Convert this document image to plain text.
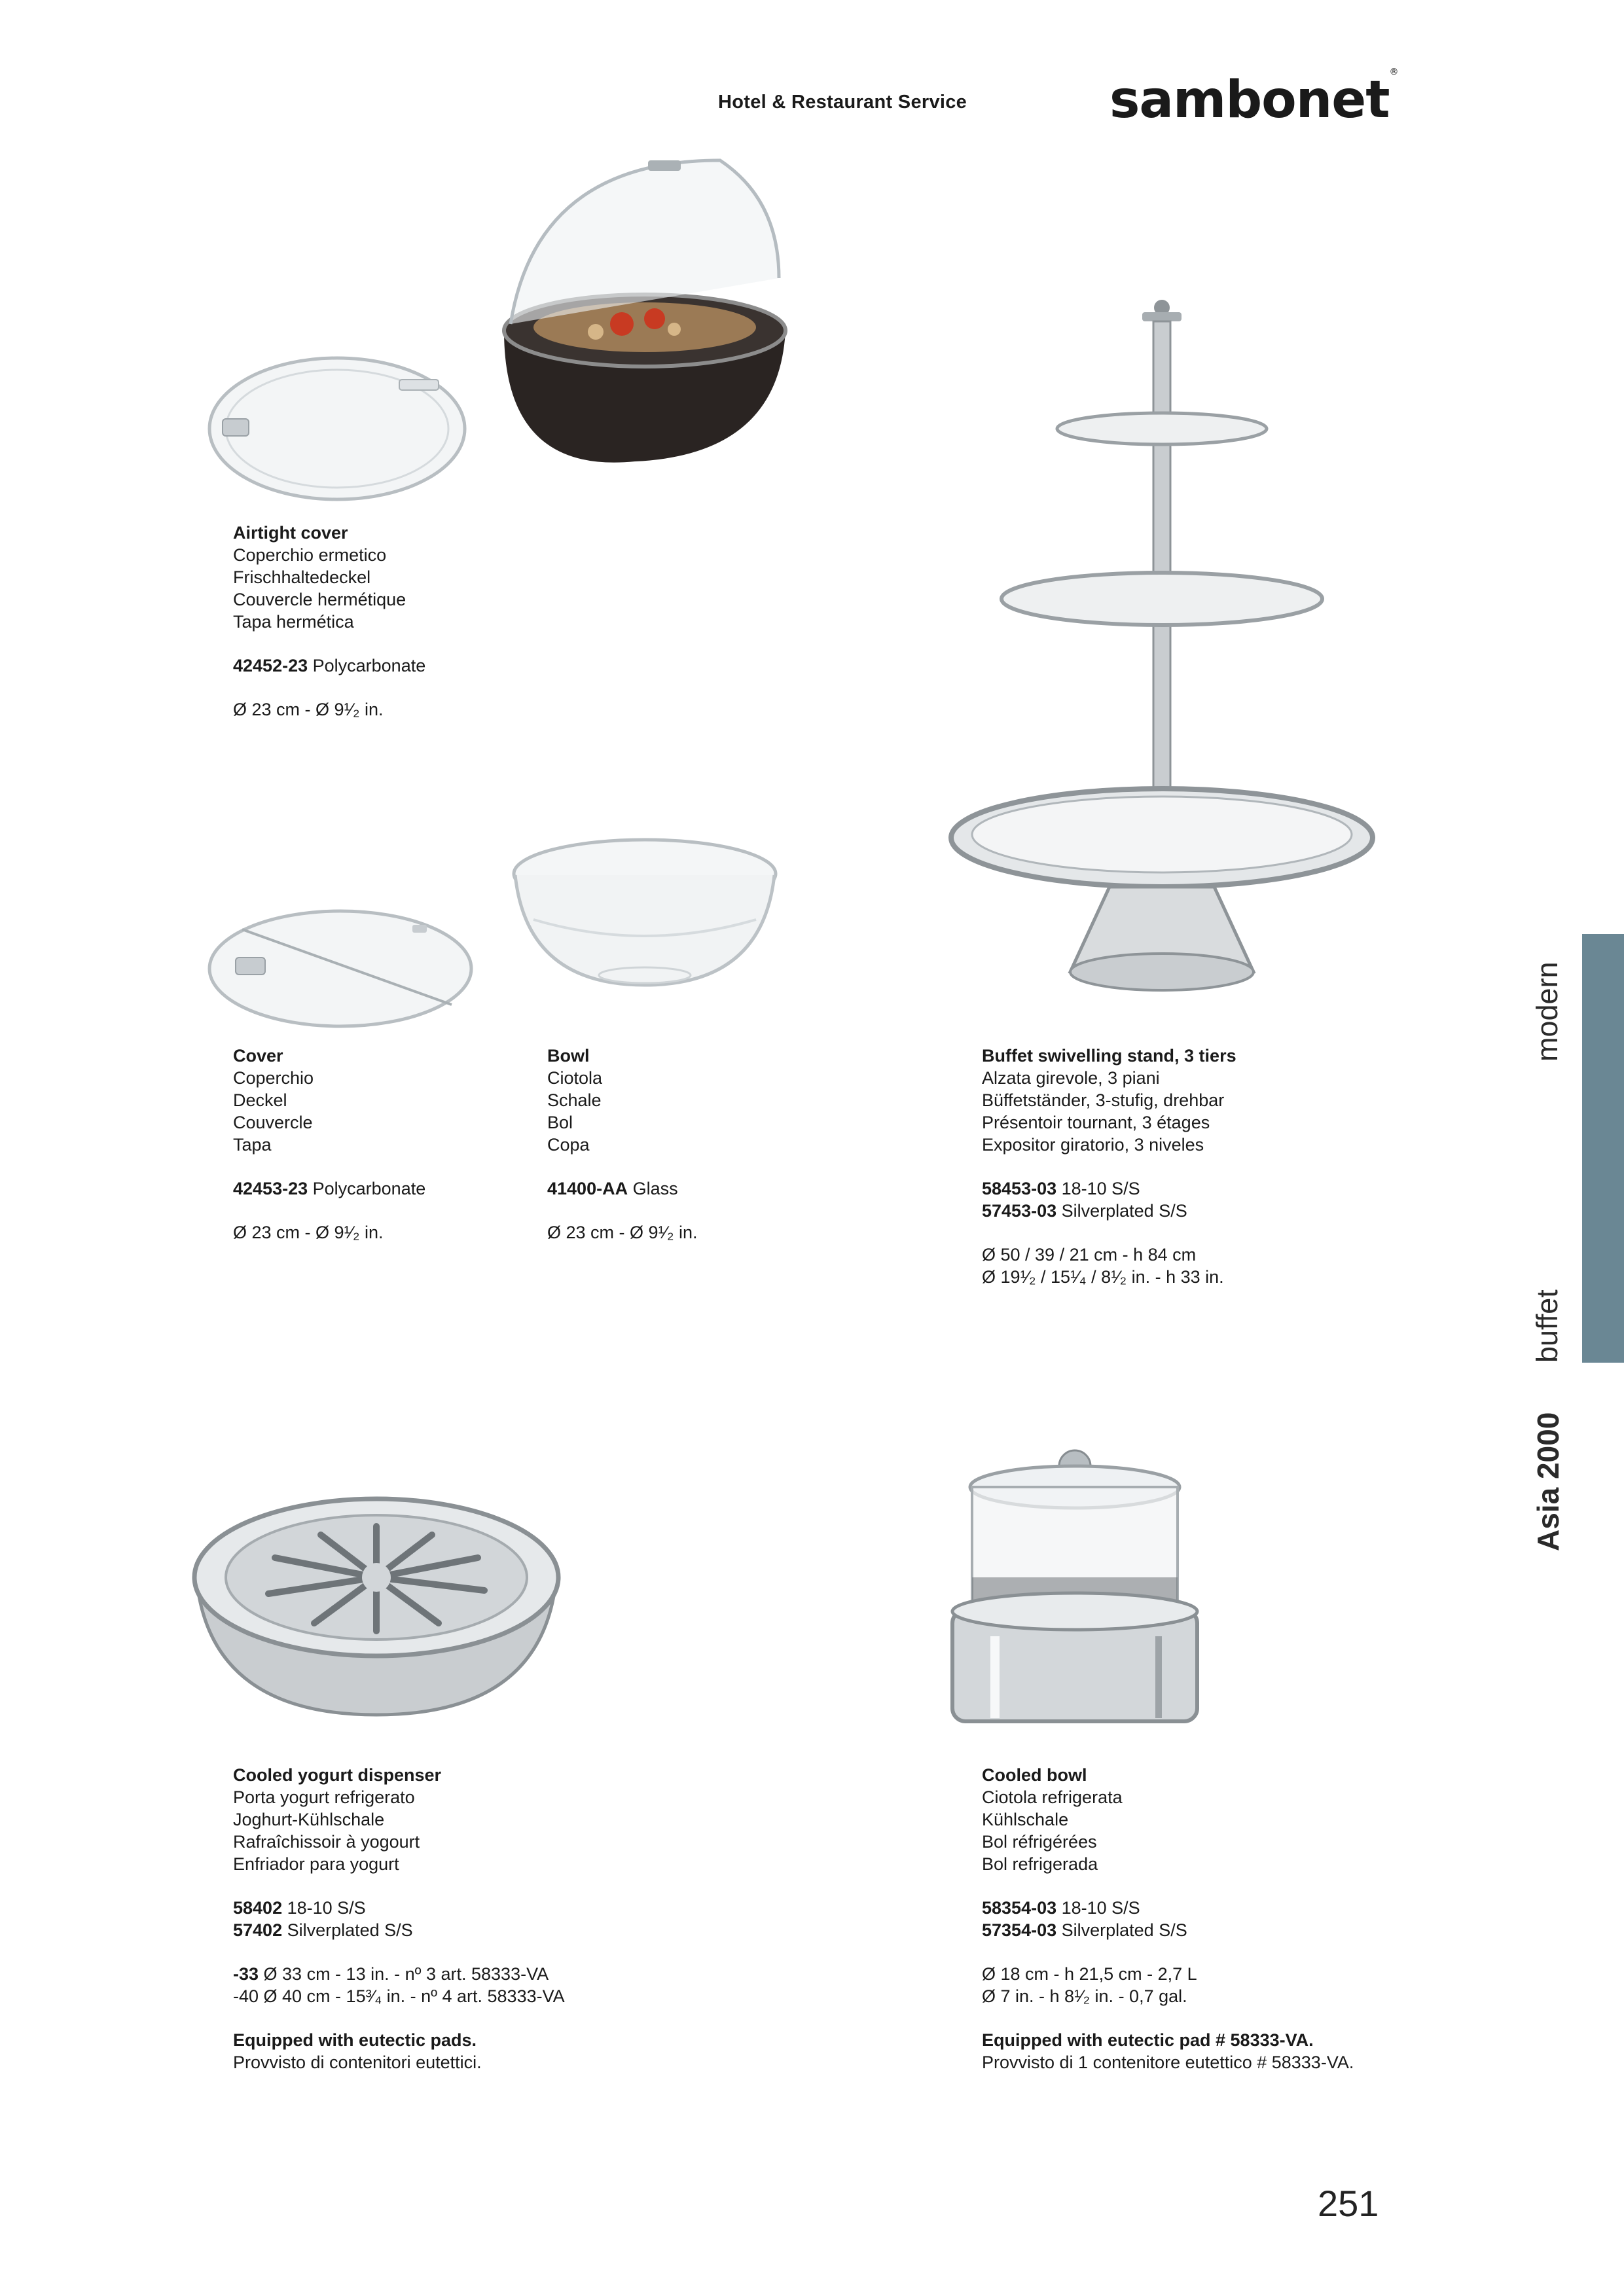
Hotel & Restaurant Service	sambonet®
Airtight cover
Coperchio ermetico
Frischhaltedeckel
Couvercle hermétique
Tapa hermética
42452-23 Polycarbonate
Ø 23 cm - Ø 9¹⁄₂ in.
Cover
Coperchio
Deckel
Couvercle
Tapa
42453-23 Polycarbonate
Ø 23 cm - Ø 9¹⁄₂ in.
Bowl
Ciotola
Schale
Bol
Copa
41400-AA Glass
Ø 23 cm - Ø 9¹⁄₂ in.
Buffet swivelling stand, 3 tiers
Alzata girevole, 3 piani
Büffetständer, 3-stufig, drehbar
Présentoir tournant, 3 étages
Expositor giratorio, 3 niveles
58453-03 18-10 S/S
57453-03 Silverplated S/S
Ø 50 / 39 / 21 cm - h 84 cm
Ø 19¹⁄₂ / 15¹⁄₄ / 8¹⁄₂ in. - h 33 in.
Cooled yogurt dispenser
Porta yogurt refrigerato
Joghurt-Kühlschale
Rafraîchissoir à yogourt
Enfriador para yogurt
58402 18-10 S/S
57402 Silverplated S/S
-33 Ø 33 cm - 13 in. - nº 3 art. 58333-VA
-40 Ø 40 cm - 15³⁄₄ in. - nº 4 art. 58333-VA
Equipped with eutectic pads.
Provvisto di contenitori eutettici.
Cooled bowl
Ciotola refrigerata
Kühlschale
Bol réfrigérées
Bol refrigerada
58354-03 18-10 S/S
57354-03 Silverplated S/S
Ø 18 cm - h 21,5 cm - 2,7 L
Ø 7 in. - h 8¹⁄₂ in. - 0,7 gal.
Equipped with eutectic pad # 58333-VA.
Provvisto di 1 contenitore eutettico # 58333-VA.
modern
buffet
Asia 2000
251
